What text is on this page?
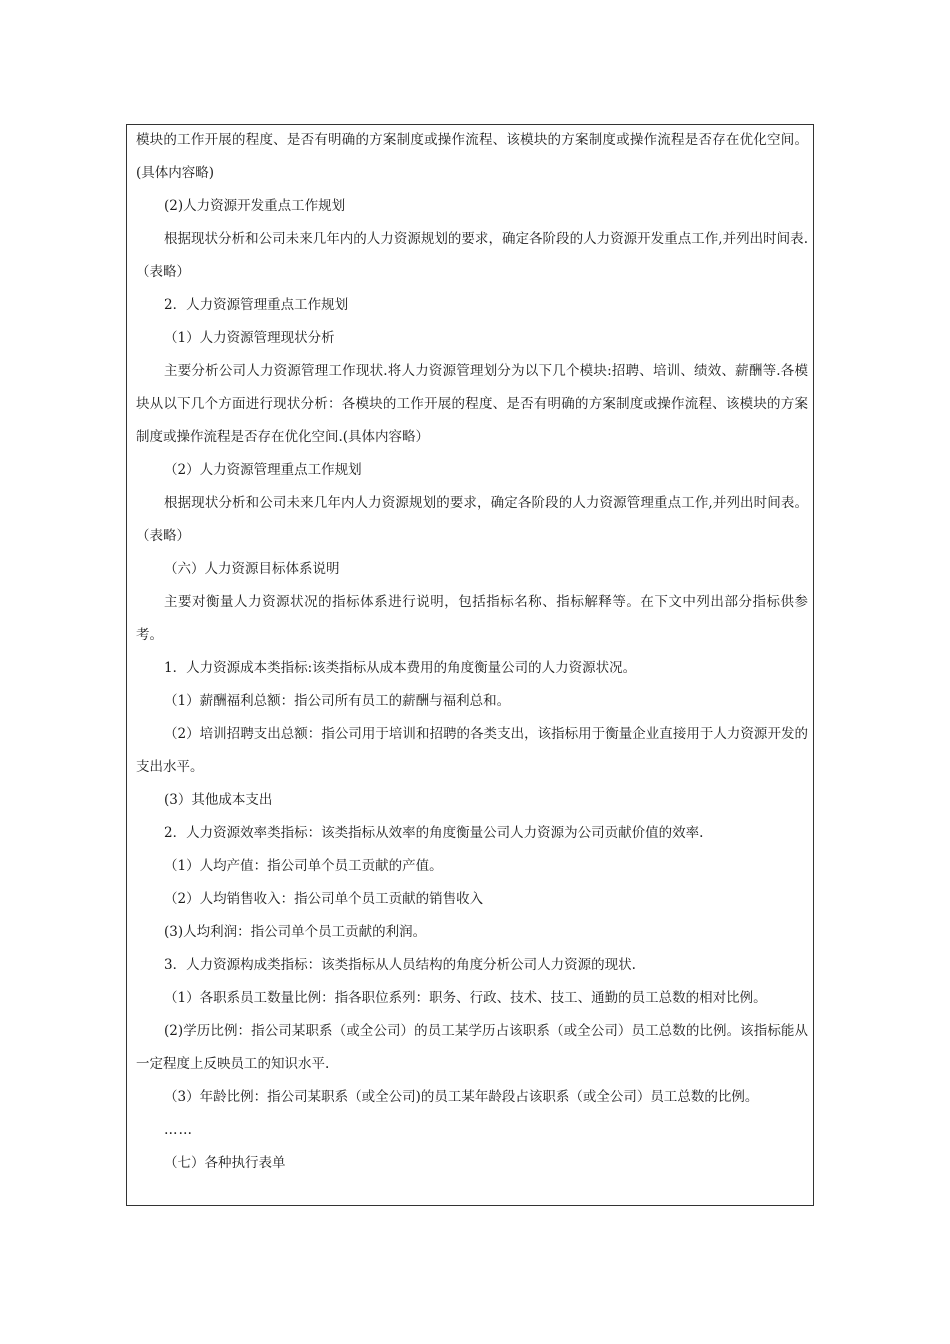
模块的工作开展的程度、是否有明确的方案制度或操作流程、该模块的方案制度或操作流程是否存在优化空间。(具体内容略)

(2)人力资源开发重点工作规划

根据现状分析和公司未来几年内的人力资源规划的要求，确定各阶段的人力资源开发重点工作,并列出时间表.（表略）

2．人力资源管理重点工作规划

（1）人力资源管理现状分析

主要分析公司人力资源管理工作现状.将人力资源管理划分为以下几个模块:招聘、培训、绩效、薪酬等.各模块从以下几个方面进行现状分析：各模块的工作开展的程度、是否有明确的方案制度或操作流程、该模块的方案制度或操作流程是否存在优化空间.(具体内容略）

（2）人力资源管理重点工作规划

根据现状分析和公司未来几年内人力资源规划的要求，确定各阶段的人力资源管理重点工作,并列出时间表。（表略）

（六）人力资源目标体系说明

主要对衡量人力资源状况的指标体系进行说明，包括指标名称、指标解释等。在下文中列出部分指标供参考。

1．人力资源成本类指标:该类指标从成本费用的角度衡量公司的人力资源状况。

（1）薪酬福利总额：指公司所有员工的薪酬与福利总和。

（2）培训招聘支出总额：指公司用于培训和招聘的各类支出，该指标用于衡量企业直接用于人力资源开发的支出水平。

(3）其他成本支出

2．人力资源效率类指标：该类指标从效率的角度衡量公司人力资源为公司贡献价值的效率.

（1）人均产值：指公司单个员工贡献的产值。

（2）人均销售收入：指公司单个员工贡献的销售收入

(3)人均利润：指公司单个员工贡献的利润。

3．人力资源构成类指标：该类指标从人员结构的角度分析公司人力资源的现状.

（1）各职系员工数量比例：指各职位系列：职务、行政、技术、技工、通勤的员工总数的相对比例。

(2)学历比例：指公司某职系（或全公司）的员工某学历占该职系（或全公司）员工总数的比例。该指标能从一定程度上反映员工的知识水平.

（3）年龄比例：指公司某职系（或全公司)的员工某年龄段占该职系（或全公司）员工总数的比例。

……

（七）各种执行表单
